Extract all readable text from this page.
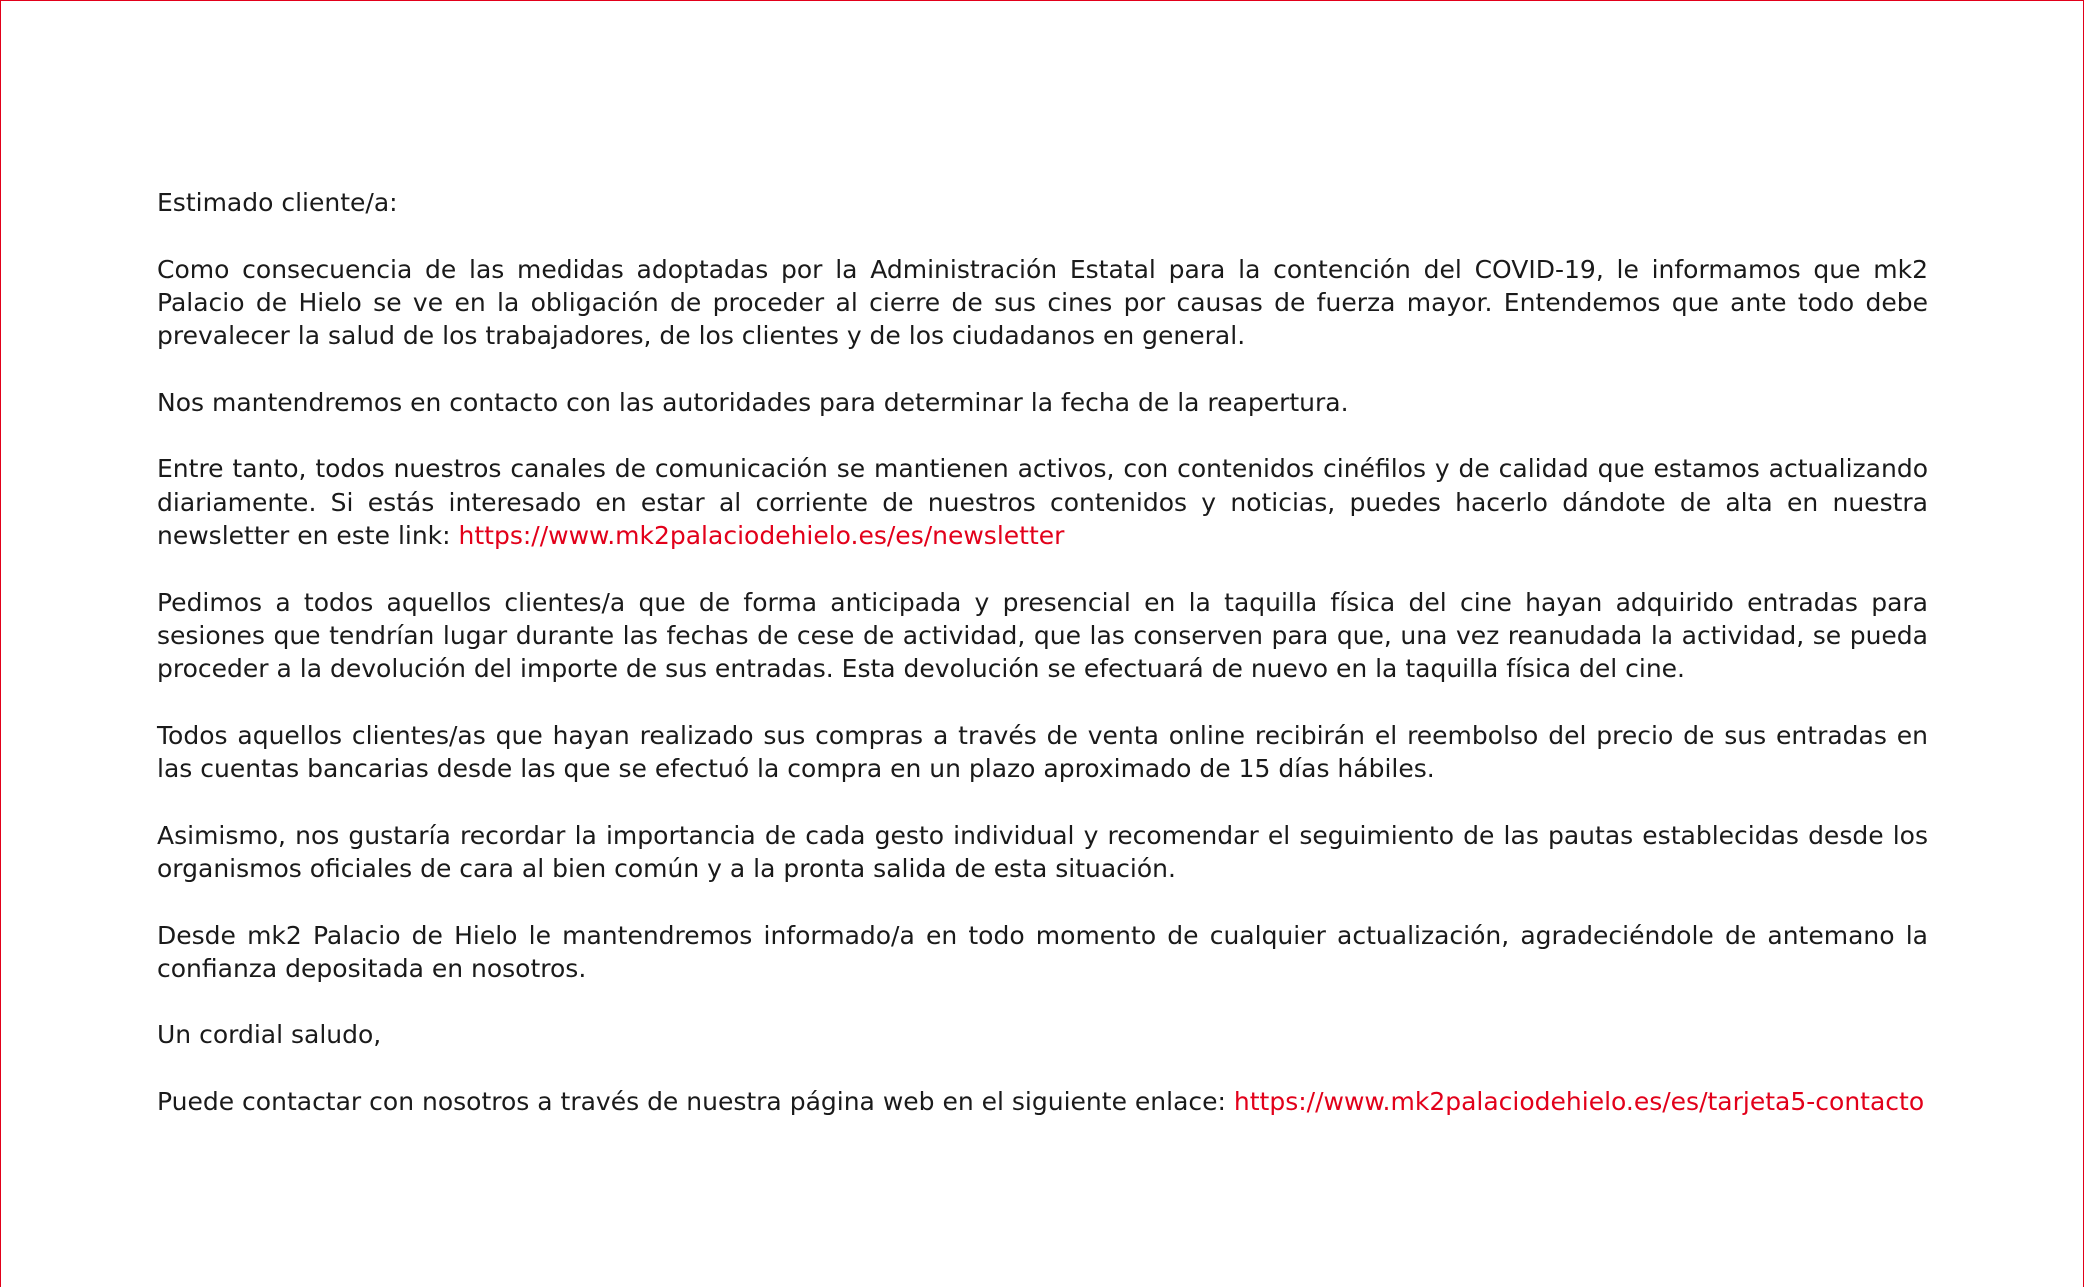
Estimado cliente/a:

Como consecuencia de las medidas adoptadas por la Administración Estatal para la contención del COVID-19, le informamos que mk2 Palacio de Hielo se ve en la obligación de proceder al cierre de sus cines por causas de fuerza mayor. Entendemos que ante todo debe prevalecer la salud de los trabajadores, de los clientes y de los ciudadanos en general.

Nos mantendremos en contacto con las autoridades para determinar la fecha de la reapertura.

Entre tanto, todos nuestros canales de comunicación se mantienen activos, con contenidos cinéfilos y de calidad que estamos actualizando diariamente. Si estás interesado en estar al corriente de nuestros contenidos y noticias, puedes hacerlo dándote de alta en nuestra newsletter en este link: https://www.mk2palaciodehielo.es/es/newsletter

Pedimos a todos aquellos clientes/a que de forma anticipada y presencial en la taquilla física del cine hayan adquirido entradas para sesiones que tendrían lugar durante las fechas de cese de actividad, que las conserven para que, una vez reanudada la actividad, se pueda proceder a la devolución del importe de sus entradas. Esta devolución se efectuará de nuevo en la taquilla física del cine.

Todos aquellos clientes/as que hayan realizado sus compras a través de venta online recibirán el reembolso del precio de sus entradas en las cuentas bancarias desde las que se efectuó la compra en un plazo aproximado de 15 días hábiles.

Asimismo, nos gustaría recordar la importancia de cada gesto individual y recomendar el seguimiento de las pautas establecidas desde los organismos oficiales de cara al bien común y a la pronta salida de esta situación.

Desde mk2 Palacio de Hielo le mantendremos informado/a en todo momento de cualquier actualización, agradeciéndole de antemano la confianza depositada en nosotros.

Un cordial saludo,

Puede contactar con nosotros a través de nuestra página web en el siguiente enlace: https://www.mk2palaciodehielo.es/es/tarjeta5-contacto
